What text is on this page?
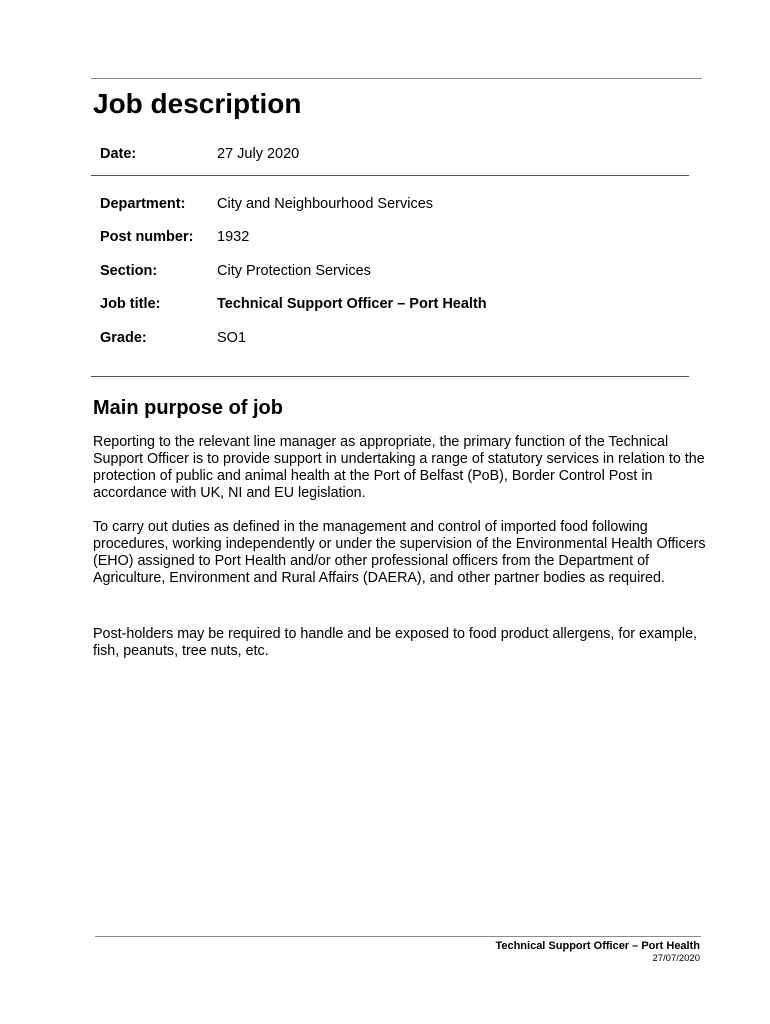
Job description
Date:	27 July 2020
Department: City and Neighbourhood Services
Post number: 1932
Section:	City Protection Services
Job title:	Technical Support Officer – Port Health
Grade:	SO1
Main purpose of job

Reporting to the relevant line manager as appropriate, the primary function of the Technical Support Officer is to provide support in undertaking a range of statutory services in relation to the protection of public and animal health at the Port of Belfast (PoB), Border Control Post in accordance with UK, NI and EU legislation.

To carry out duties as defined in the management and control of imported food following procedures, working independently or under the supervision of the Environmental Health Officers (EHO) assigned to Port Health and/or other professional officers from the Department of Agriculture, Environment and Rural Affairs (DAERA), and other partner bodies as required.

Post-holders may be required to handle and be exposed to food product allergens, for example, fish, peanuts, tree nuts, etc.

Technical Support Officer – Port Health
27/07/2020
